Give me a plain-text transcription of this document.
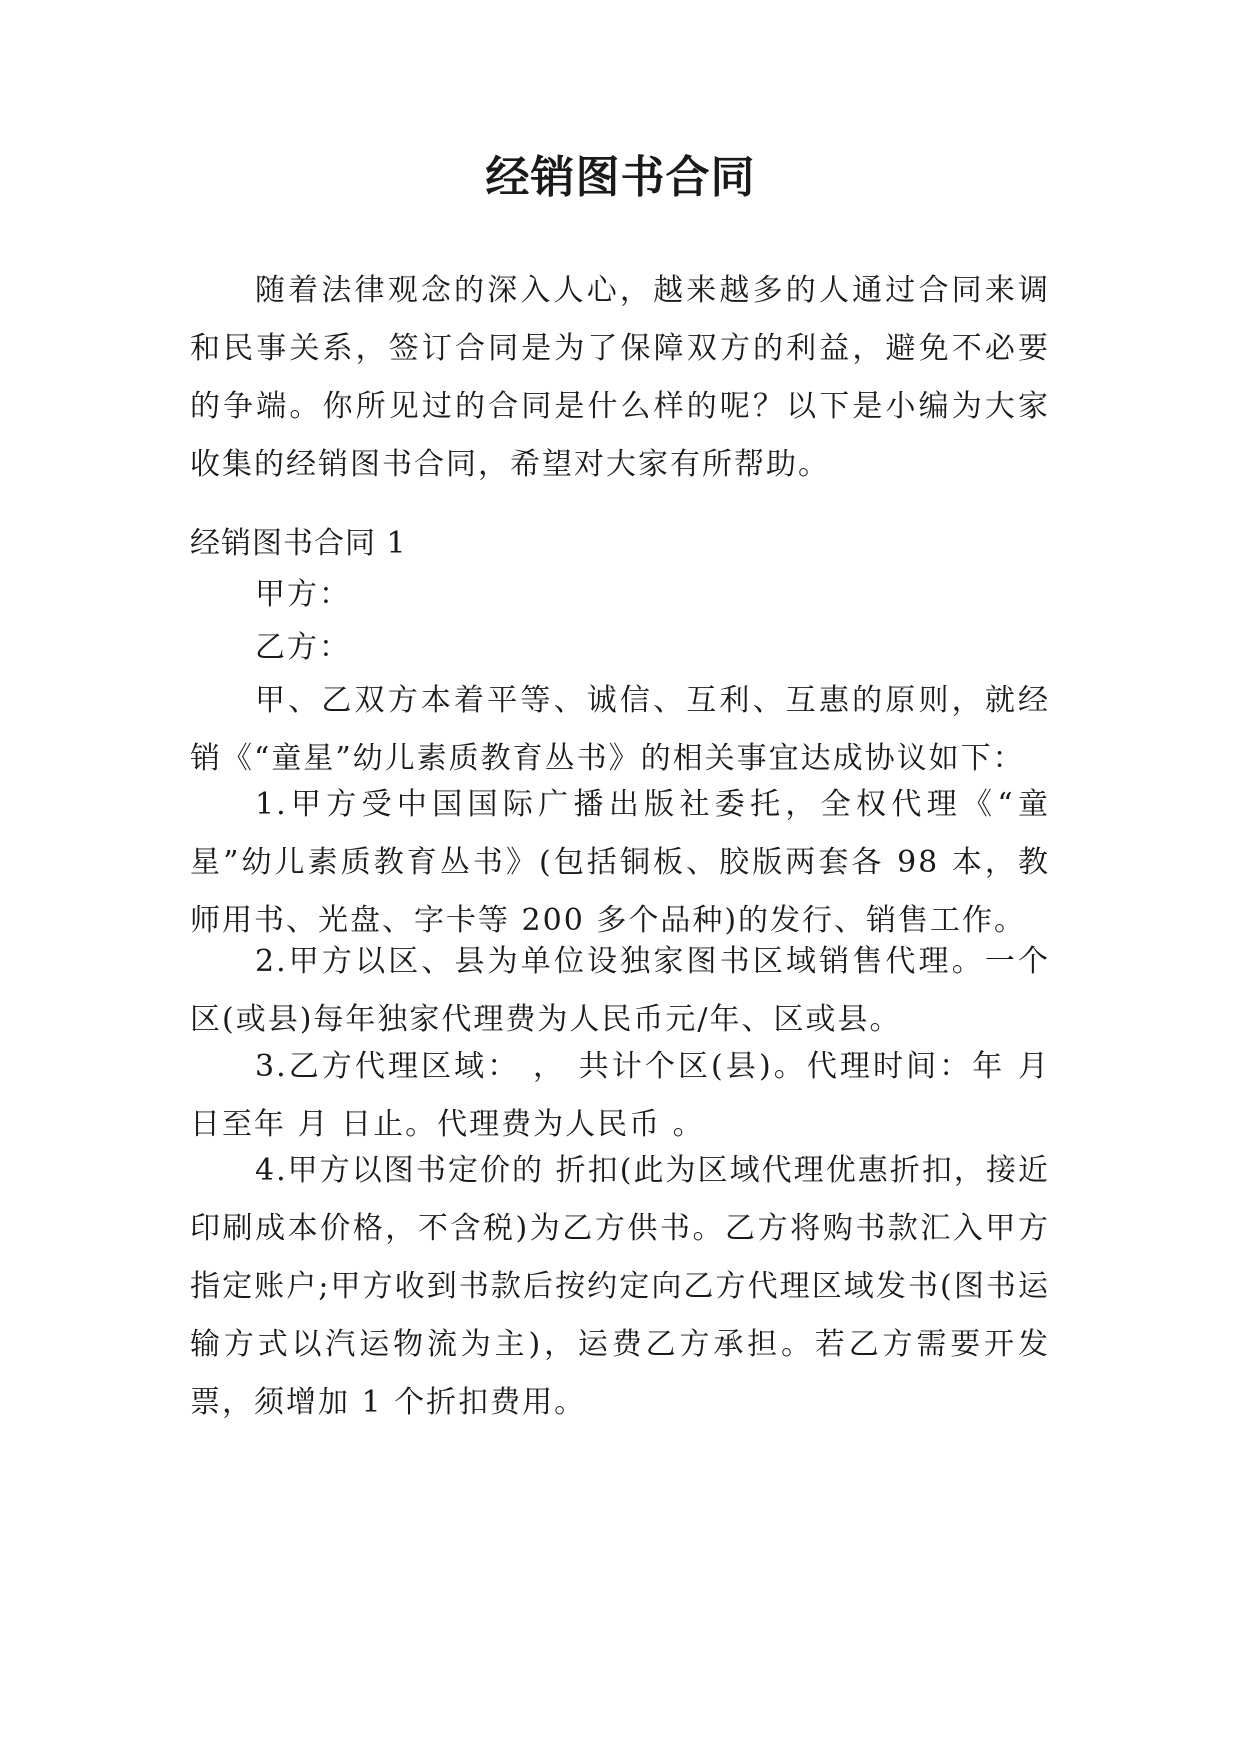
经销图书合同

随着法律观念的深入人心，越来越多的人通过合同来调和民事关系，签订合同是为了保障双方的利益，避免不必要的争端。你所见过的合同是什么样的呢？以下是小编为大家收集的经销图书合同，希望对大家有所帮助。

经销图书合同 1

甲方：

乙方：

甲、乙双方本着平等、诚信、互利、互惠的原则，就经销《“童星”幼儿素质教育丛书》的相关事宜达成协议如下：

1.甲方受中国国际广播出版社委托，全权代理《“童星”幼儿素质教育丛书》(包括铜板、胶版两套各 98 本，教师用书、光盘、字卡等 200 多个品种)的发行、销售工作。

2.甲方以区、县为单位设独家图书区域销售代理。一个区(或县)每年独家代理费为人民币元/年、区或县。

3.乙方代理区域： ， 共计个区(县)。代理时间：年 月 日至年 月 日止。代理费为人民币 。

4.甲方以图书定价的 折扣(此为区域代理优惠折扣，接近印刷成本价格，不含税)为乙方供书。乙方将购书款汇入甲方指定账户;甲方收到书款后按约定向乙方代理区域发书(图书运输方式以汽运物流为主)，运费乙方承担。若乙方需要开发票，须增加 1 个折扣费用。
